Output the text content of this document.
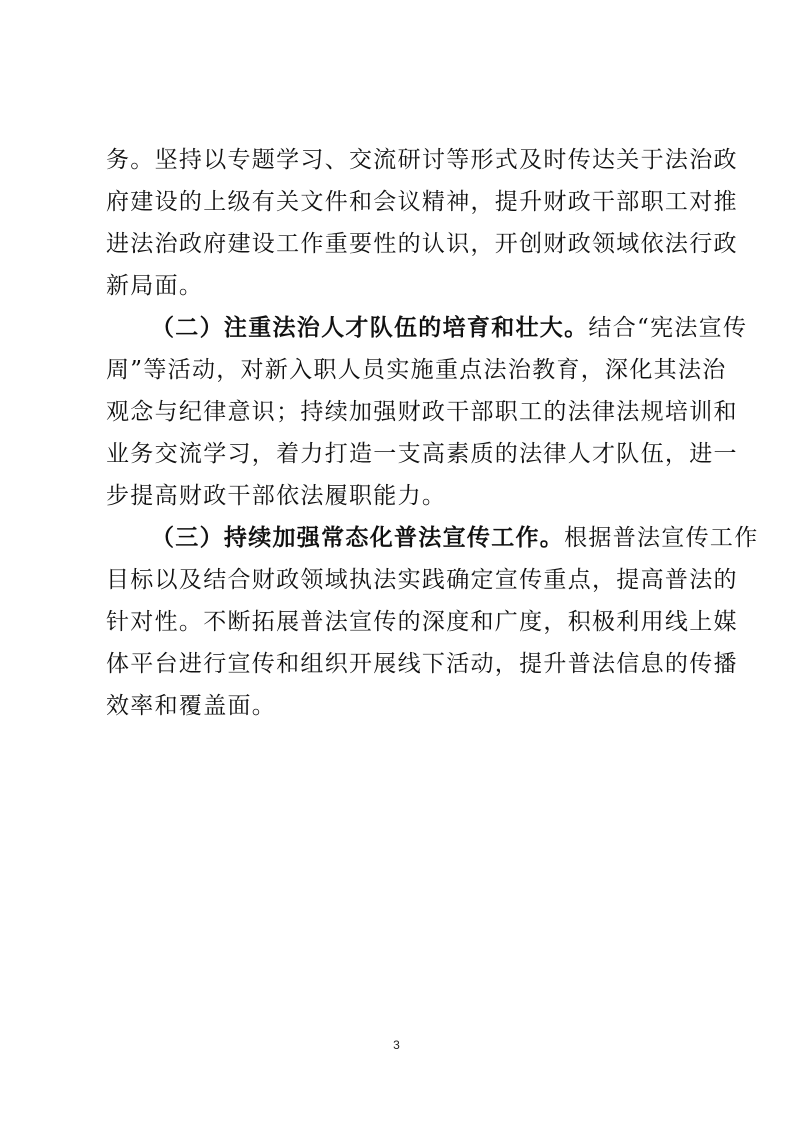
务。坚持以专题学习、交流研讨等形式及时传达关于法治政
府建设的上级有关文件和会议精神，提升财政干部职工对推
进法治政府建设工作重要性的认识，开创财政领域依法行政
新局面。
（二）注重法治人才队伍的培育和壮大。结合“宪法宣传
周”等活动，对新入职人员实施重点法治教育，深化其法治
观念与纪律意识；持续加强财政干部职工的法律法规培训和
业务交流学习，着力打造一支高素质的法律人才队伍，进一
步提高财政干部依法履职能力。
（三）持续加强常态化普法宣传工作。根据普法宣传工作
目标以及结合财政领域执法实践确定宣传重点，提高普法的
针对性。不断拓展普法宣传的深度和广度，积极利用线上媒
体平台进行宣传和组织开展线下活动，提升普法信息的传播
效率和覆盖面。
3
